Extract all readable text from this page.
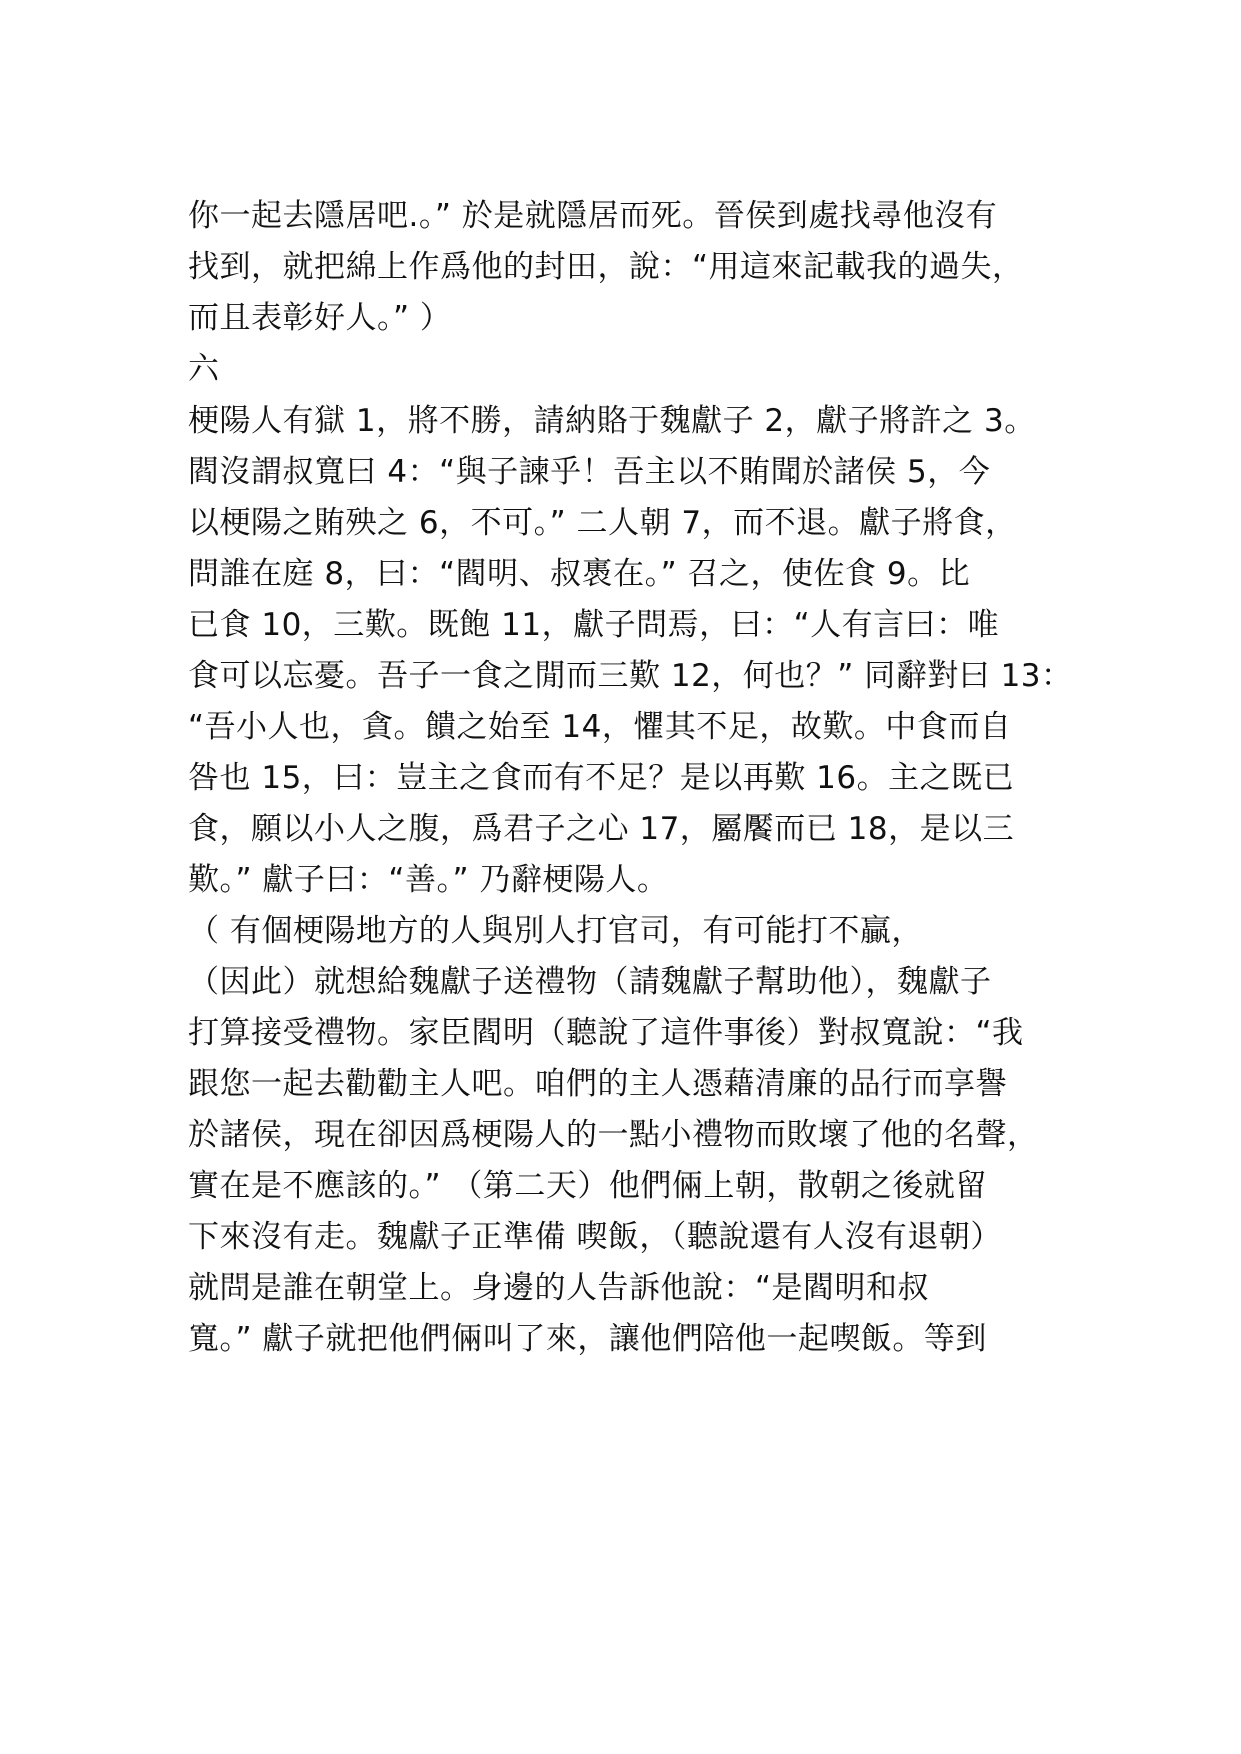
你一起去隱居吧.。” 於是就隱居而死。晉侯到處找尋他沒有
找到，就把綿上作爲他的封田，說：“用這來記載我的過失，
而且表彰好人。” ）
六
梗陽人有獄 1，將不勝，請納賂于魏獻子 2，獻子將許之 3。
閻沒謂叔寬曰 4：“與子諫乎！吾主以不賄聞於諸侯 5，今
以梗陽之賄殃之 6，不可。” 二人朝 7，而不退。獻子將食，
問誰在庭 8，曰：“閻明、叔褭在。” 召之，使佐食 9。比
已食 10，三歎。既飽 11，獻子問焉，曰：“人有言曰：唯
食可以忘憂。吾子一食之閒而三歎 12，何也？” 同辭對曰 13：
“吾小人也，貪。饋之始至 14，懼其不足，故歎。中食而自
咎也 15，曰：豈主之食而有不足？是以再歎 16。主之既已
食，願以小人之腹，爲君子之心 17，屬饜而已 18，是以三
歎。” 獻子曰：“善。” 乃辭梗陽人。
（ 有個梗陽地方的人與別人打官司，有可能打不贏，
（因此）就想給魏獻子送禮物（請魏獻子幫助他），魏獻子
打算接受禮物。家臣閻明（聽說了這件事後）對叔寬說：“我
跟您一起去勸勸主人吧。咱們的主人憑藉清廉的品行而享譽
於諸侯，現在卻因爲梗陽人的一點小禮物而敗壞了他的名聲，
實在是不應該的。” （第二天）他們倆上朝，散朝之後就留
下來沒有走。魏獻子正準備 喫飯，（聽說還有人沒有退朝）
就問是誰在朝堂上。身邊的人告訴他說：“是閻明和叔
寬。” 獻子就把他們倆叫了來，讓他們陪他一起喫飯。等到
